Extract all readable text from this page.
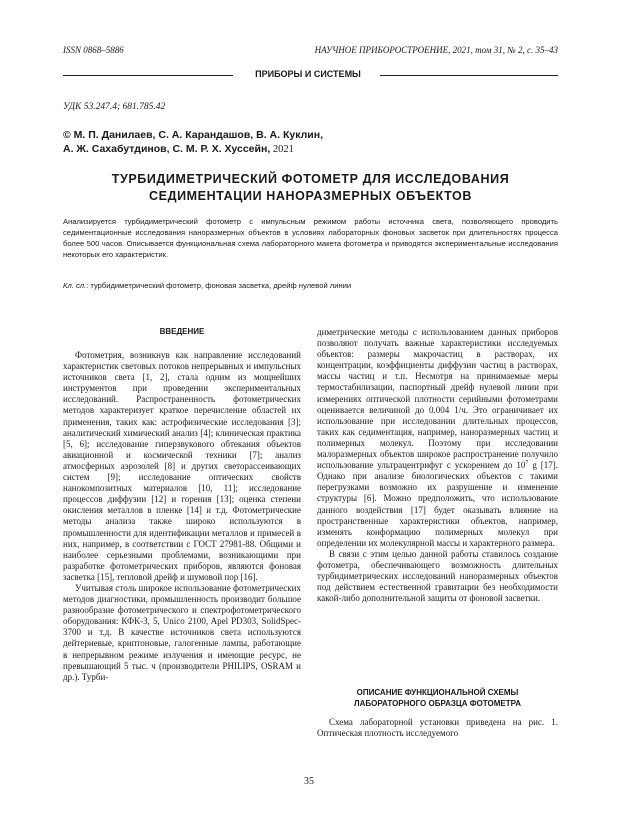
ISSN 0868–5886	НАУЧНОЕ ПРИБОРОСТРОЕНИЕ, 2021, том 31, № 2, с. 35–43
ПРИБОРЫ И СИСТЕМЫ
УДК 53.247.4; 681.785.42
© М. П. Данилаев, С. А. Карандашов, В. А. Куклин,
А. Ж. Сахабутдинов, С. М. Р. Х. Хуссейн, 2021
ТУРБИДИМЕТРИЧЕСКИЙ ФОТОМЕТР ДЛЯ ИССЛЕДОВАНИЯ
СЕДИМЕНТАЦИИ НАНОРАЗМЕРНЫХ ОБЪЕКТОВ
Анализируется турбидиметрический фотометр с импульсным режимом работы источника света, позволяющего проводить седиментационные исследования наноразмерных объектов в условиях лабораторных фоновых засветок при длительностях процесса более 500 часов. Описывается функциональная схема лабораторного макета фотометра и приводятся экспериментальные исследования некоторых его характеристик.
Кл. сл.: турбидиметрический фотометр, фоновая засветка, дрейф нулевой линии
ВВЕДЕНИЕ

Фотометрия, возникнув как направление исследований характеристик световых потоков непрерывных и импульсных источников света [1, 2], стала одним из мощнейших инструментов при проведении экспериментальных исследований. Распространенность фотометрических методов характеризует краткое перечисление областей их применения, таких как: астрофизические исследования [3]; аналитический химический анализ [4]; клиническая практика [5, 6]; исследование гиперзвукового обтекания объектов авиационной и космической техники [7]; анализ атмосферных аэрозолей [8] и других светорассеивающих систем [9]; исследование оптических свойств нанокомпозитных материалов [10, 11]; исследование процессов диффузии [12] и горения [13]; оценка степени окисления металлов в пленке [14] и т.д. Фотометрические методы анализа также широко используются в промышленности для идентификации металлов и примесей в них, например, в соответствии с ГОСТ 27981-88. Общими и наиболее серьезными проблемами, возникающими при разработке фотометрических приборов, являются фоновая засветка [15], тепловой дрейф и шумовой пор [16].

Учитывая столь широкое использование фотометрических методов диагностики, промышленность производит большое разнообразие фотометрического и спектрофотометрического оборудования: КФК-3, 5, Unico 2100, Apel PD303, SolidSpec-3700 и т.д. В качестве источников света используются дейтериевые, криптоновые, галогенные лампы, работающие в непрерывном режиме излучения и имеющие ресурс, не превышающий 5 тыс. ч (производители PHILIPS, OSRAM и др.). Турби-

диметрические методы с использованием данных приборов позволяют получать важные характеристики исследуемых объектов: размеры макрочастиц в растворах, их концентрации, коэффициенты диффузии частиц в растворах, массы частиц и т.п. Несмотря на принимаемые меры термостабилизации, паспортный дрейф нулевой линии при измерениях оптической плотности серийными фотометрами оценивается величиной до 0.004 1/ч. Это ограничивает их использование при исследовании длительных процессов, таких как седиментация, например, наноразмерных частиц и полимерных молекул. Поэтому при исследовании малоразмерных объектов широкое распространение получило использование ультрацентрифуг с ускорением до $10^7$ g [17]. Однако при анализе биологических объектов с такими перегрузками возможно их разрушение и изменение структуры [6]. Можно предположить, что использование данного воздействия [17] будет оказывать влияние на пространственные характеристики объектов, например, изменять конформацию полимерных молекул при определении их молекулярной массы и характерного размера.

В связи с этим целью данной работы ставилось создание фотометра, обеспечивающего возможность длительных турбидиметрических исследований наноразмерных объектов под действием естественной гравитации без необходимости какой-либо дополнительной защиты от фоновой засветки.

ОПИСАНИЕ ФУНКЦИОНАЛЬНОЙ СХЕМЫ
ЛАБОРАТОРНОГО ОБРАЗЦА ФОТОМЕТРА

Схема лабораторной установки приведена на рис. 1. Оптическая плотность исследуемого

35
